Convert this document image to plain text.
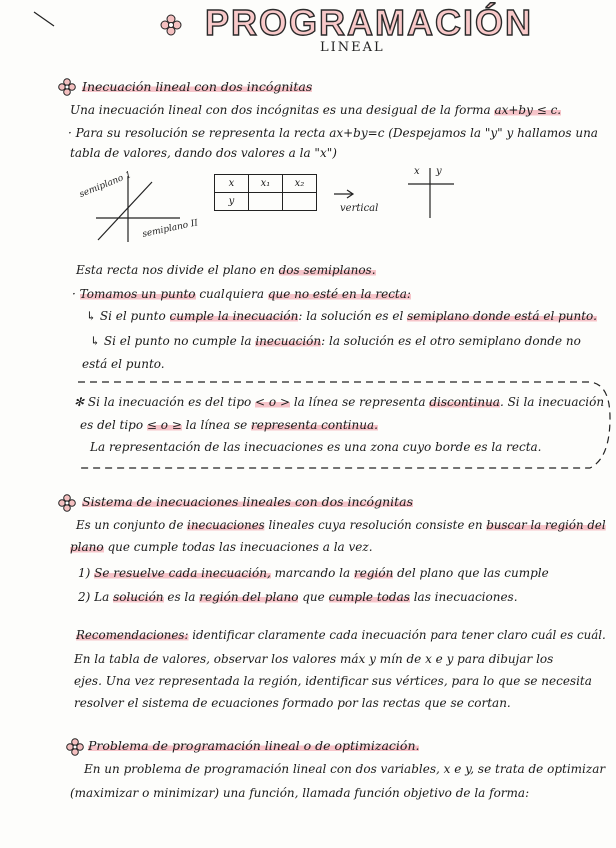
PROGRAMACIÓN
LINEAL
Inecuación lineal con dos incógnitas
Una inecuación lineal con dos incógnitas es una desigual de la forma ax+by ≤ c.
· Para su resolución se representa la recta ax+by=c (Despejamos la "y" y hallamos una
tabla de valores, dando dos valores a la "x")
semiplano 1
semiplano II
x	x₁	x₂
y		
vertical
x y
Esta recta nos divide el plano en dos semiplanos.
· Tomamos un punto cualquiera que no esté en la recta:
↳ Si el punto cumple la inecuación: la solución es el semiplano donde está el punto.
↳ Si el punto no cumple la inecuación: la solución es el otro semiplano donde no
está el punto.
✻ Si la inecuación es del tipo < o > la línea se representa discontinua. Si la inecuación
es del tipo ≤ o ≥ la línea se representa continua.
La representación de las inecuaciones es una zona cuyo borde es la recta.
Sistema de inecuaciones lineales con dos incógnitas
Es un conjunto de inecuaciones lineales cuya resolución consiste en buscar la región del
plano que cumple todas las inecuaciones a la vez.
1) Se resuelve cada inecuación, marcando la región del plano que las cumple
2) La solución es la región del plano que cumple todas las inecuaciones.
Recomendaciones: identificar claramente cada inecuación para tener claro cuál es cuál.
En la tabla de valores, observar los valores máx y mín de x e y para dibujar los
ejes. Una vez representada la región, identificar sus vértices, para lo que se necesita
resolver el sistema de ecuaciones formado por las rectas que se cortan.
Problema de programación lineal o de optimización.
En un problema de programación lineal con dos variables, x e y, se trata de optimizar
(maximizar o minimizar) una función, llamada función objetivo de la forma:
